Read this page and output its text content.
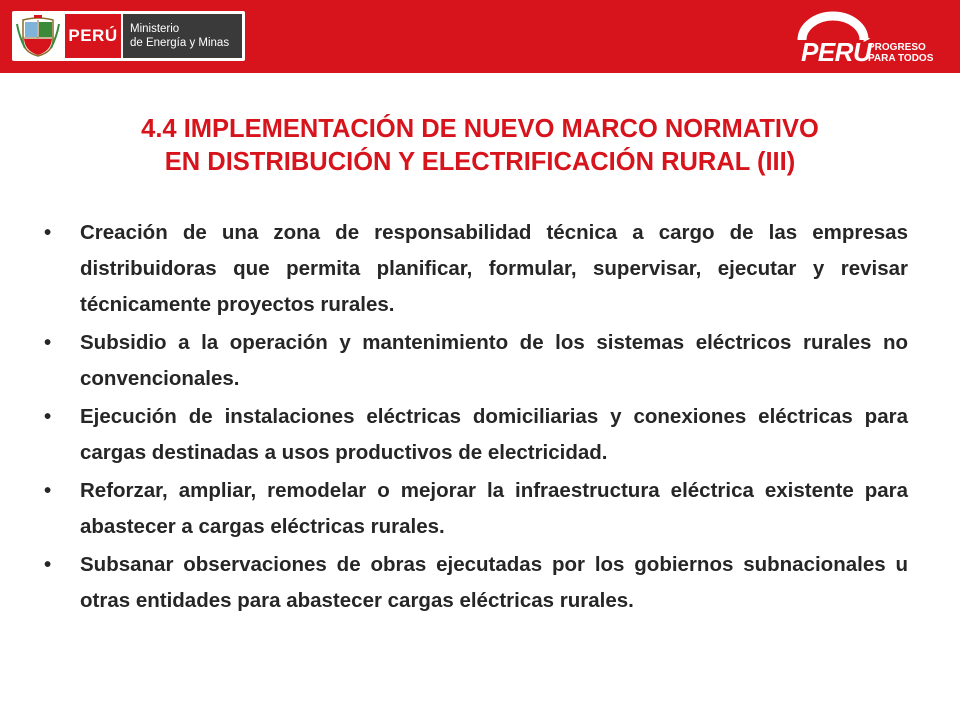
PERÚ Ministerio
de Energía y Minas	PERÚ
PROGRESO
PARA TODOS
4.4 IMPLEMENTACIÓN DE NUEVO MARCO NORMATIVO
EN DISTRIBUCIÓN Y ELECTRIFICACIÓN RURAL (III)
• Creación de una zona de responsabilidad técnica a cargo de las empresas distribuidoras que permita planificar, formular, supervisar, ejecutar y revisar técnicamente proyectos rurales.
• Subsidio a la operación y mantenimiento de los sistemas eléctricos rurales no convencionales.
• Ejecución de instalaciones eléctricas domiciliarias y conexiones eléctricas para cargas destinadas a usos productivos de electricidad.
• Reforzar, ampliar, remodelar o mejorar la infraestructura eléctrica existente para abastecer a cargas eléctricas rurales.
• Subsanar observaciones de obras ejecutadas por los gobiernos subnacionales u otras entidades para abastecer cargas eléctricas rurales.
